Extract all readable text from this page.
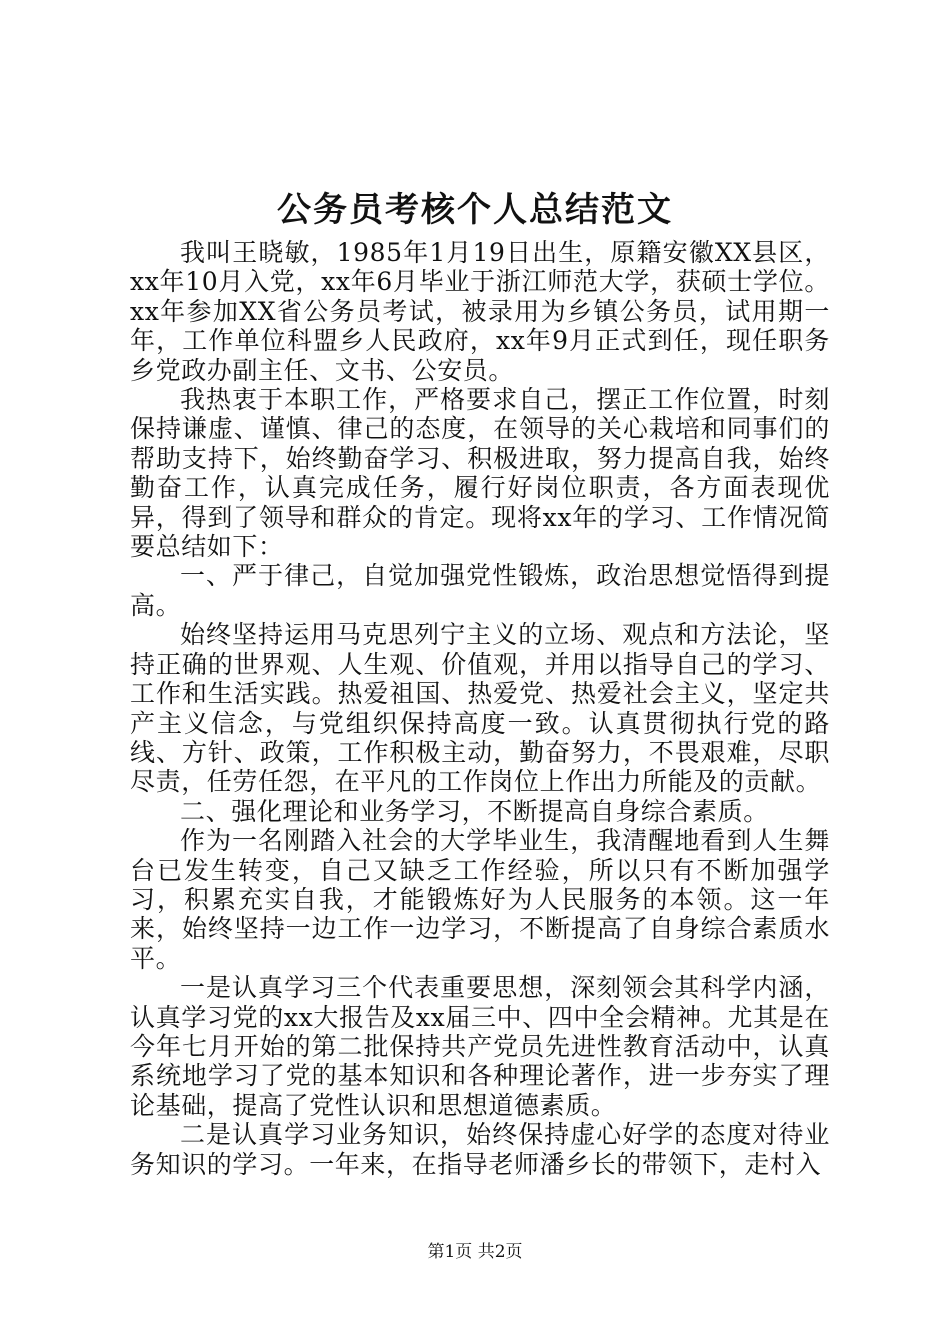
公务员考核个人总结范文

我叫王晓敏，1985年1月19日出生，原籍安徽XX县区，xx年10月入党，xx年6月毕业于浙江师范大学，获硕士学位。xx年参加XX省公务员考试，被录用为乡镇公务员，试用期一年，工作单位科盟乡人民政府，xx年9月正式到任，现任职务乡党政办副主任、文书、公安员。

我热衷于本职工作，严格要求自己，摆正工作位置，时刻保持谦虚、谨慎、律己的态度，在领导的关心栽培和同事们的帮助支持下，始终勤奋学习、积极进取，努力提高自我，始终勤奋工作，认真完成任务，履行好岗位职责，各方面表现优异，得到了领导和群众的肯定。现将xx年的学习、工作情况简要总结如下：

一、严于律己，自觉加强党性锻炼，政治思想觉悟得到提高。

始终坚持运用马克思列宁主义的立场、观点和方法论，坚持正确的世界观、人生观、价值观，并用以指导自己的学习、工作和生活实践。热爱祖国、热爱党、热爱社会主义，坚定共产主义信念，与党组织保持高度一致。认真贯彻执行党的路线、方针、政策，工作积极主动，勤奋努力，不畏艰难，尽职尽责，任劳任怨，在平凡的工作岗位上作出力所能及的贡献。

二、强化理论和业务学习，不断提高自身综合素质。

作为一名刚踏入社会的大学毕业生，我清醒地看到人生舞台已发生转变，自己又缺乏工作经验，所以只有不断加强学习，积累充实自我，才能锻炼好为人民服务的本领。这一年来，始终坚持一边工作一边学习，不断提高了自身综合素质水平。

一是认真学习三个代表重要思想，深刻领会其科学内涵，认真学习党的xx大报告及xx届三中、四中全会精神。尤其是在今年七月开始的第二批保持共产党员先进性教育活动中，认真系统地学习了党的基本知识和各种理论著作，进一步夯实了理论基础，提高了党性认识和思想道德素质。

二是认真学习业务知识，始终保持虚心好学的态度对待业务知识的学习。一年来，在指导老师潘乡长的带领下，走村入

第1页 共2页
